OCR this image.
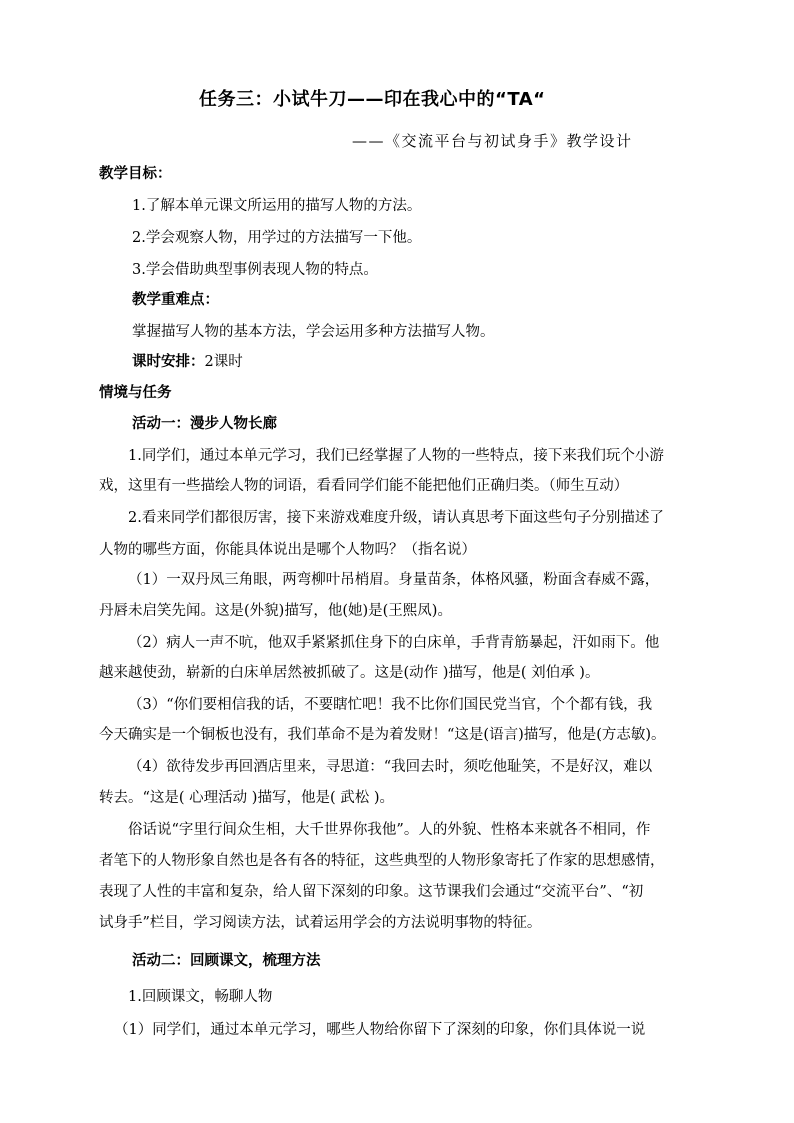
任务三：小试牛刀——印在我心中的“TA“
——《交流平台与初试身手》教学设计
教学目标：
1.了解本单元课文所运用的描写人物的方法。
2.学会观察人物，用学过的方法描写一下他。
3.学会借助典型事例表现人物的特点。
教学重难点：
掌握描写人物的基本方法，学会运用多种方法描写人物。
课时安排：2课时
情境与任务
活动一：漫步人物长廊
1.同学们，通过本单元学习，我们已经掌握了人物的一些特点，接下来我们玩个小游
戏，这里有一些描绘人物的词语，看看同学们能不能把他们正确归类。（师生互动）
2.看来同学们都很厉害，接下来游戏难度升级，请认真思考下面这些句子分别描述了
人物的哪些方面，你能具体说出是哪个人物吗？（指名说）
（1）一双丹凤三角眼，两弯柳叶吊梢眉。身量苗条，体格风骚，粉面含春威不露，
丹唇未启笑先闻。这是(外貌)描写，他(她)是(王熙凤)。
（2）病人一声不吭，他双手紧紧抓住身下的白床单，手背青筋暴起，汗如雨下。他
越来越使劲，崭新的白床单居然被抓破了。这是(动作 )描写，他是( 刘伯承 )。
（3）“你们要相信我的话，不要瞎忙吧！我不比你们国民党当官，个个都有钱，我
今天确实是一个铜板也没有，我们革命不是为着发财！“这是(语言)描写，他是(方志敏)。
（4）欲待发步再回酒店里来，寻思道：“我回去时，须吃他耻笑，不是好汉，难以
转去。“这是( 心理活动 )描写，他是( 武松 )。
俗话说“字里行间众生相，大千世界你我他”。人的外貌、性格本来就各不相同，作
者笔下的人物形象自然也是各有各的特征，这些典型的人物形象寄托了作家的思想感情，
表现了人性的丰富和复杂，给人留下深刻的印象。这节课我们会通过“交流平台”、“初
试身手”栏目，学习阅读方法，试着运用学会的方法说明事物的特征。
活动二：回顾课文，梳理方法
1.回顾课文，畅聊人物
（1）同学们，通过本单元学习，哪些人物给你留下了深刻的印象，你们具体说一说
